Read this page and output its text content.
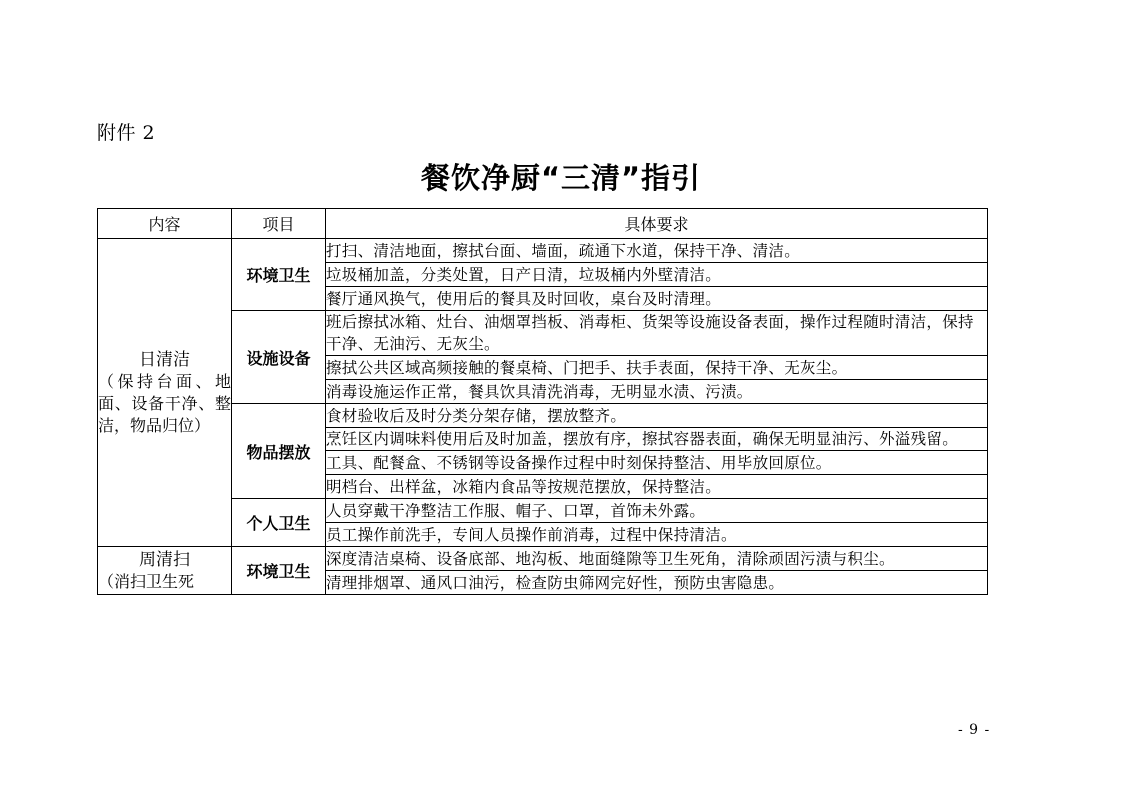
附件 2
餐饮净厨“三清”指引
内容	项目	具体要求

日清洁
（保持台面、地面、设备干净、整洁，物品归位）	环境卫生	打扫、清洁地面，擦拭台面、墙面，疏通下水道，保持干净、清洁。
		垃圾桶加盖，分类处置，日产日清，垃圾桶内外壁清洁。
		餐厅通风换气，使用后的餐具及时回收，桌台及时清理。
	设施设备	班后擦拭冰箱、灶台、油烟罩挡板、消毒柜、货架等设施设备表面，操作过程随时清洁，保持干净、无油污、无灰尘。
		擦拭公共区域高频接触的餐桌椅、门把手、扶手表面，保持干净、无灰尘。
		消毒设施运作正常，餐具饮具清洗消毒，无明显水渍、污渍。
	物品摆放	食材验收后及时分类分架存储，摆放整齐。
		烹饪区内调味料使用后及时加盖，摆放有序，擦拭容器表面，确保无明显油污、外溢残留。
		工具、配餐盒、不锈钢等设备操作过程中时刻保持整洁、用毕放回原位。
		明档台、出样盆，冰箱内食品等按规范摆放，保持整洁。
	个人卫生	人员穿戴干净整洁工作服、帽子、口罩，首饰未外露。
		员工操作前洗手，专间人员操作前消毒，过程中保持清洁。

周清扫
（消扫卫生死	环境卫生	深度清洁桌椅、设备底部、地沟板、地面缝隙等卫生死角，清除顽固污渍与积尘。
		清理排烟罩、通风口油污，检查防虫筛网完好性，预防虫害隐患。
- 9 -
